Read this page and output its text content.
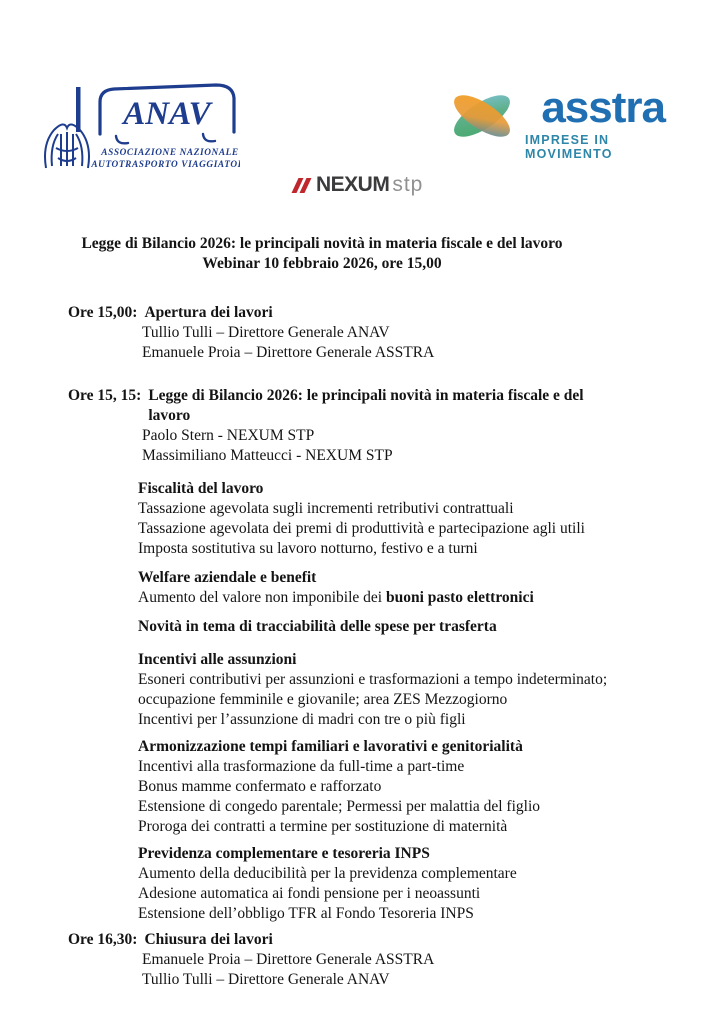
ANAV
ASSOCIAZIONE NAZIONALE
AUTOTRASPORTO VIAGGIATORI
asstra
IMPRESE IN MOVIMENTO
NEXUM stp
Legge di Bilancio 2026: le principali novità in materia fiscale e del lavoro
Webinar 10 febbraio 2026, ore 15,00
Ore 15,00: Apertura dei lavori
Tullio Tulli – Direttore Generale ANAV
Emanuele Proia – Direttore Generale ASSTRA
Ore 15, 15: Legge di Bilancio 2026: le principali novità in materia fiscale e del lavoro
Paolo Stern - NEXUM STP
Massimiliano Matteucci - NEXUM STP
Fiscalità del lavoro
Tassazione agevolata sugli incrementi retributivi contrattuali
Tassazione agevolata dei premi di produttività e partecipazione agli utili
Imposta sostitutiva su lavoro notturno, festivo e a turni
Welfare aziendale e benefit
Aumento del valore non imponibile dei buoni pasto elettronici
Novità in tema di tracciabilità delle spese per trasferta
Incentivi alle assunzioni
Esoneri contributivi per assunzioni e trasformazioni a tempo indeterminato;
occupazione femminile e giovanile; area ZES Mezzogiorno
Incentivi per l’assunzione di madri con tre o più figli
Armonizzazione tempi familiari e lavorativi e genitorialità
Incentivi alla trasformazione da full-time a part-time
Bonus mamme confermato e rafforzato
Estensione di congedo parentale; Permessi per malattia del figlio
Proroga dei contratti a termine per sostituzione di maternità
Previdenza complementare e tesoreria INPS
Aumento della deducibilità per la previdenza complementare
Adesione automatica ai fondi pensione per i neoassunti
Estensione dell’obbligo TFR al Fondo Tesoreria INPS
Ore 16,30: Chiusura dei lavori
Emanuele Proia – Direttore Generale ASSTRA
Tullio Tulli – Direttore Generale ANAV
